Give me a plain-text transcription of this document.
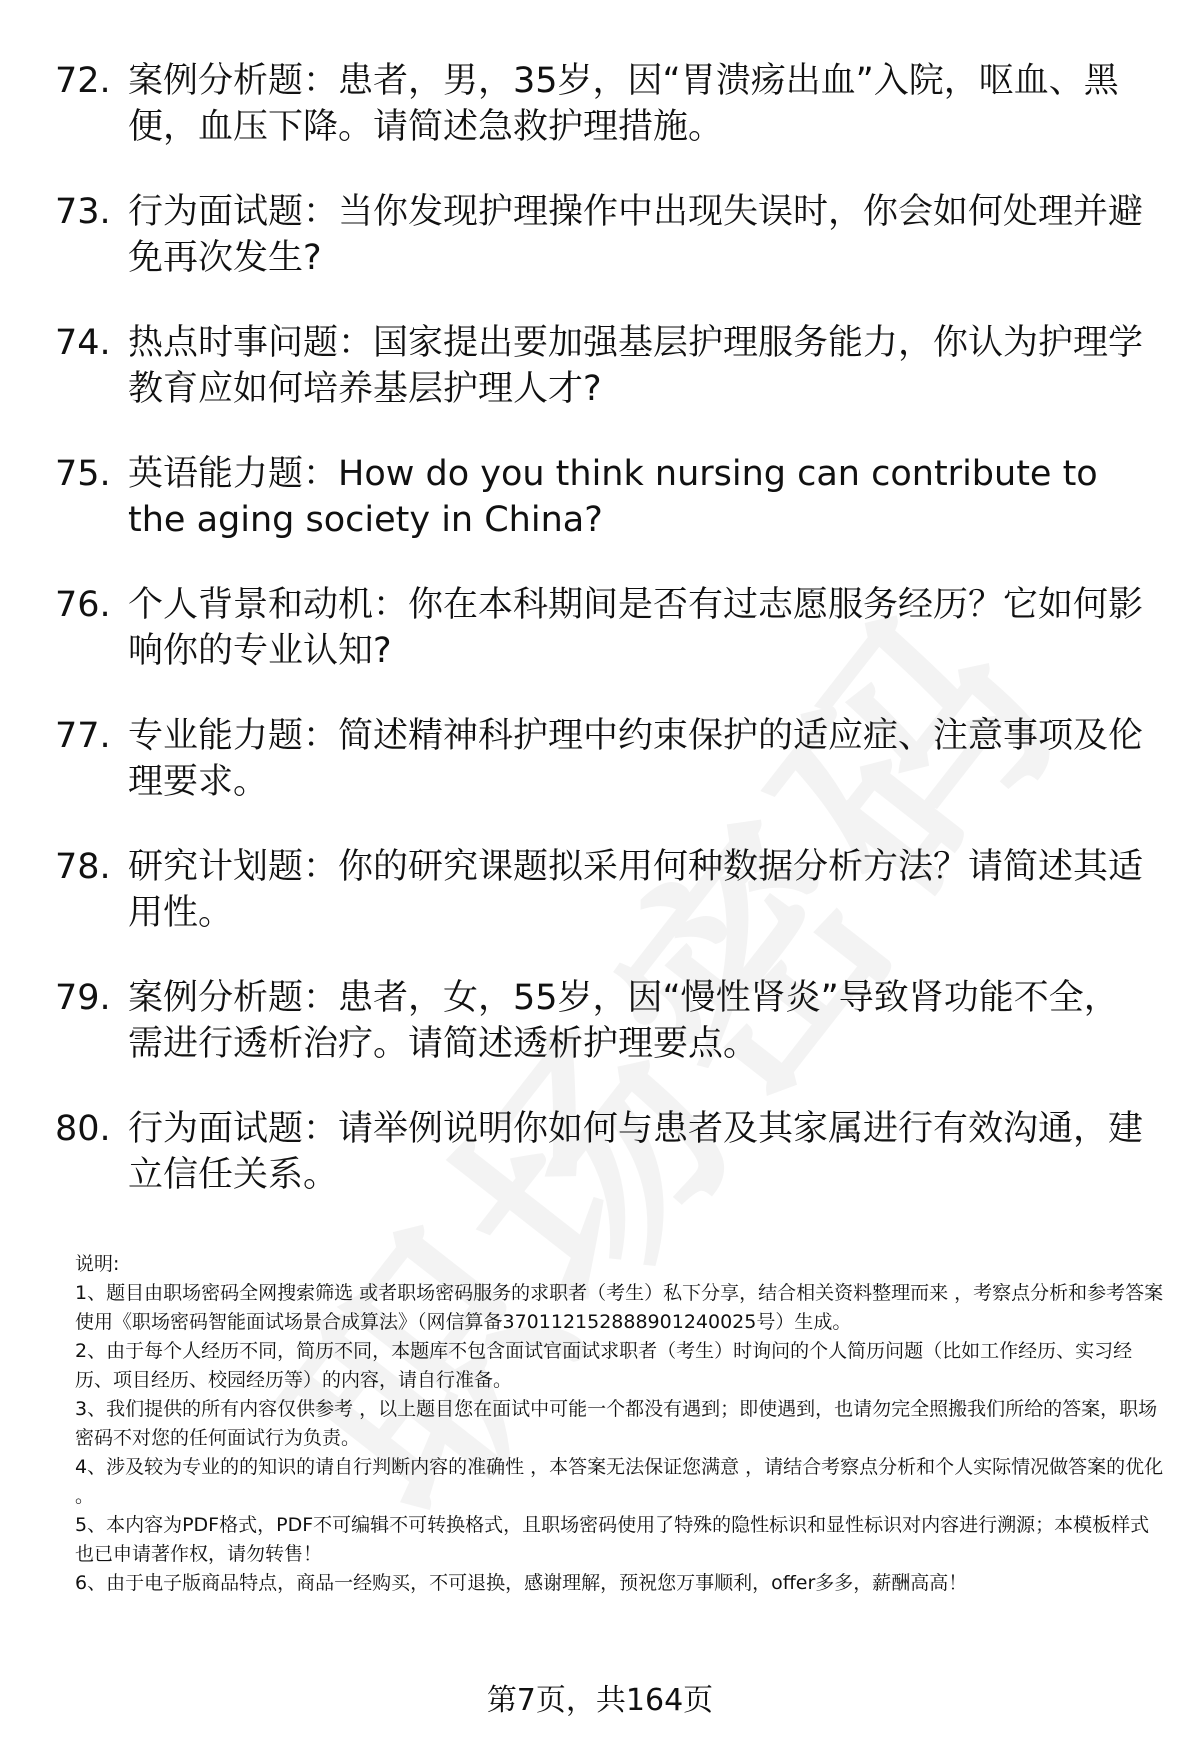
72. 案例分析题：患者，男，35岁，因“胃溃疡出血”入院，呕血、黑便，血压下降。请简述急救护理措施。
73. 行为面试题：当你发现护理操作中出现失误时，你会如何处理并避免再次发生?
74. 热点时事问题：国家提出要加强基层护理服务能力，你认为护理学教育应如何培养基层护理人才?
75. 英语能力题：How do you think nursing can contribute to the aging society in China?
76. 个人背景和动机：你在本科期间是否有过志愿服务经历？它如何影响你的专业认知?
77. 专业能力题：简述精神科护理中约束保护的适应症、注意事项及伦理要求。
78. 研究计划题：你的研究课题拟采用何种数据分析方法？请简述其适用性。
79. 案例分析题：患者，女，55岁，因“慢性肾炎”导致肾功能不全，需进行透析治疗。请简述透析护理要点。
80. 行为面试题：请举例说明你如何与患者及其家属进行有效沟通，建立信任关系。

说明:

1、题目由职场密码全网搜索筛选 或者职场密码服务的求职者（考生）私下分享，结合相关资料整理而来 ，考察点分析和参考答案使用《职场密码智能面试场景合成算法》（网信算备370112152888901240025号）生成。

2、由于每个人经历不同，简历不同，本题库不包含面试官面试求职者（考生）时询问的个人简历问题（比如工作经历、实习经历、项目经历、校园经历等）的内容，请自行准备。

3、我们提供的所有内容仅供参考 ，以上题目您在面试中可能一个都没有遇到；即使遇到，也请勿完全照搬我们所给的答案，职场密码不对您的任何面试行为负责。

4、涉及较为专业的的知识的请自行判断内容的准确性 ，本答案无法保证您满意 ，请结合考察点分析和个人实际情况做答案的优化 。

5、本内容为PDF格式，PDF不可编辑不可转换格式，且职场密码使用了特殊的隐性标识和显性标识对内容进行溯源；本模板样式也已申请著作权，请勿转售！

6、由于电子版商品特点，商品一经购买，不可退换，感谢理解，预祝您万事顺利，offer多多，薪酬高高！

第7页，共164页
